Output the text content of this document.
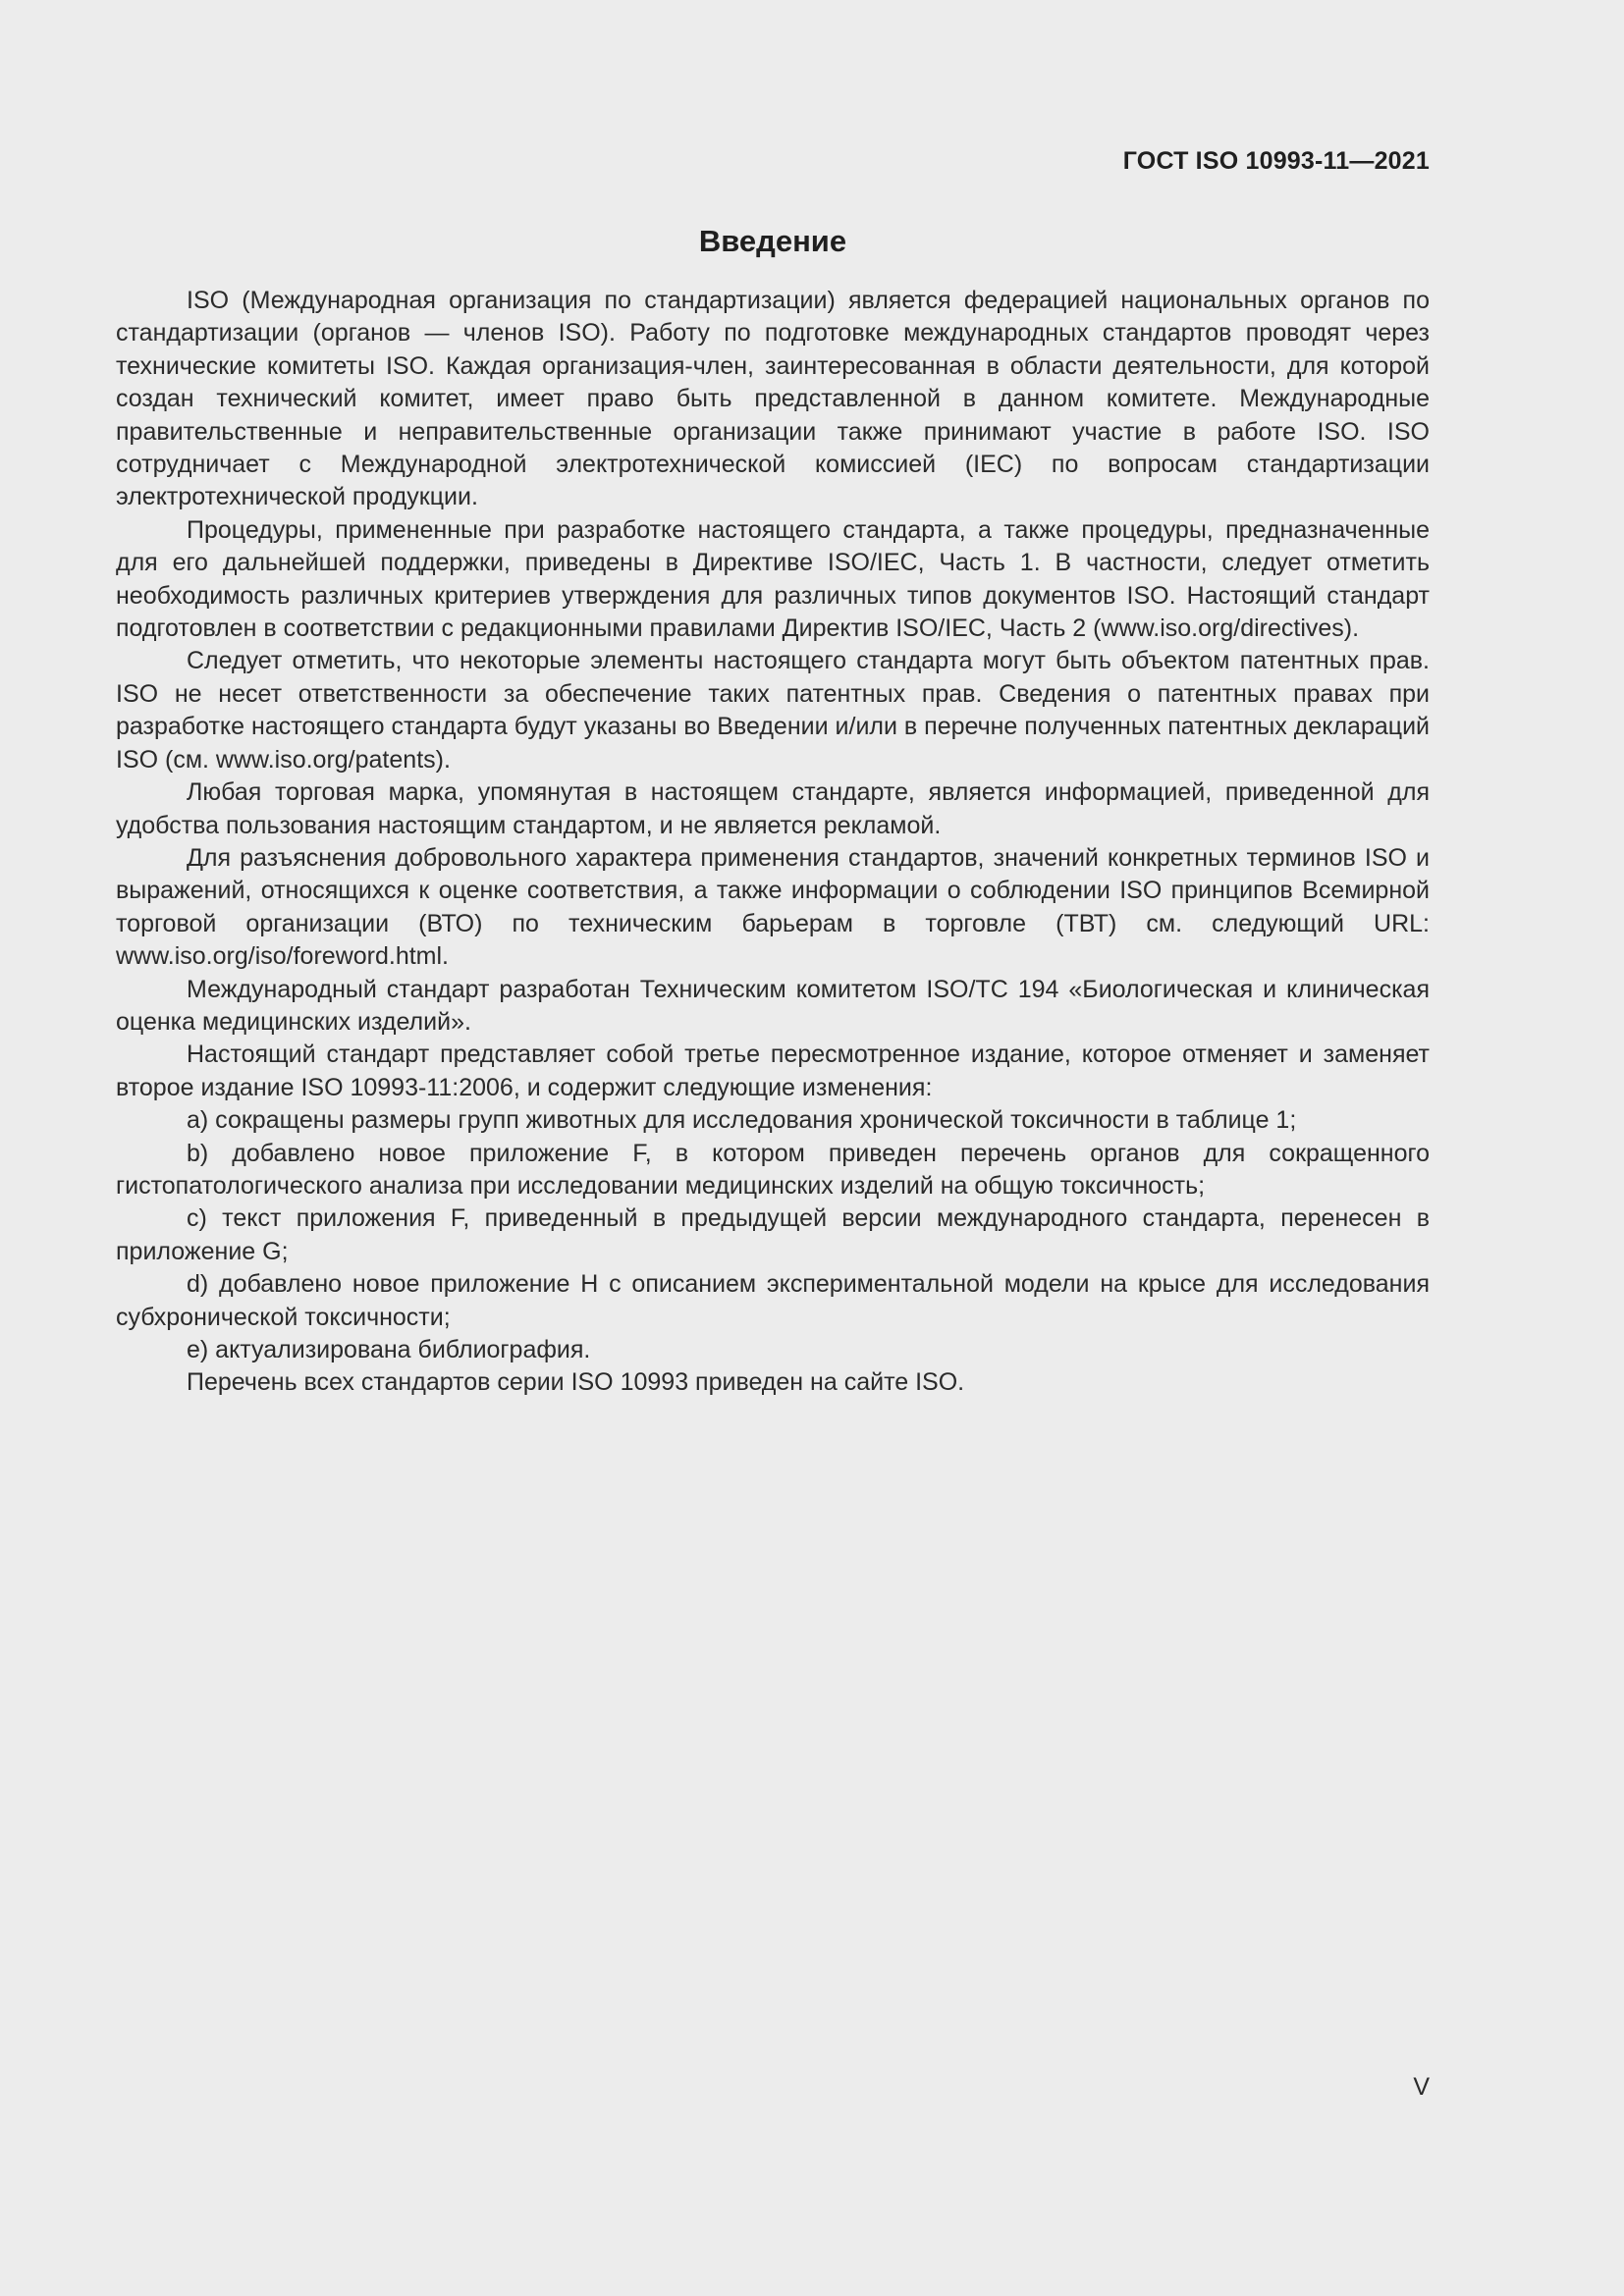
ГОСТ ISO 10993-11—2021
Введение

ISO (Международная организация по стандартизации) является федерацией национальных органов по стандартизации (органов — членов ISO). Работу по подготовке международных стандартов проводят через технические комитеты ISO. Каждая организация-член, заинтересованная в области деятельности, для которой создан технический комитет, имеет право быть представленной в данном комитете. Международные правительственные и неправительственные организации также принимают участие в работе ISO. ISO сотрудничает с Международной электротехнической комиссией (IEC) по вопросам стандартизации электротехнической продукции.

Процедуры, примененные при разработке настоящего стандарта, а также процедуры, предназначенные для его дальнейшей поддержки, приведены в Директиве ISO/IEC, Часть 1. В частности, следует отметить необходимость различных критериев утверждения для различных типов документов ISO. Настоящий стандарт подготовлен в соответствии с редакционными правилами Директив ISO/IEC, Часть 2 (www.iso.org/directives).

Следует отметить, что некоторые элементы настоящего стандарта могут быть объектом патентных прав. ISO не несет ответственности за обеспечение таких патентных прав. Сведения о патентных правах при разработке настоящего стандарта будут указаны во Введении и/или в перечне полученных патентных деклараций ISO (см. www.iso.org/patents).

Любая торговая марка, упомянутая в настоящем стандарте, является информацией, приведенной для удобства пользования настоящим стандартом, и не является рекламой.

Для разъяснения добровольного характера применения стандартов, значений конкретных терминов ISO и выражений, относящихся к оценке соответствия, а также информации о соблюдении ISO принципов Всемирной торговой организации (ВТО) по техническим барьерам в торговле (ТВТ) см. следующий URL: www.iso.org/iso/foreword.html.

Международный стандарт разработан Техническим комитетом ISO/TC 194 «Биологическая и клиническая оценка медицинских изделий».

Настоящий стандарт представляет собой третье пересмотренное издание, которое отменяет и заменяет второе издание ISO 10993-11:2006, и содержит следующие изменения:

a) сокращены размеры групп животных для исследования хронической токсичности в таблице 1;

b) добавлено новое приложение F, в котором приведен перечень органов для сокращенного гистопатологического анализа при исследовании медицинских изделий на общую токсичность;

c) текст приложения F, приведенный в предыдущей версии международного стандарта, перенесен в приложение G;

d) добавлено новое приложение H с описанием экспериментальной модели на крысе для исследования субхронической токсичности;

e) актуализирована библиография.

Перечень всех стандартов серии ISO 10993 приведен на сайте ISO.

V
